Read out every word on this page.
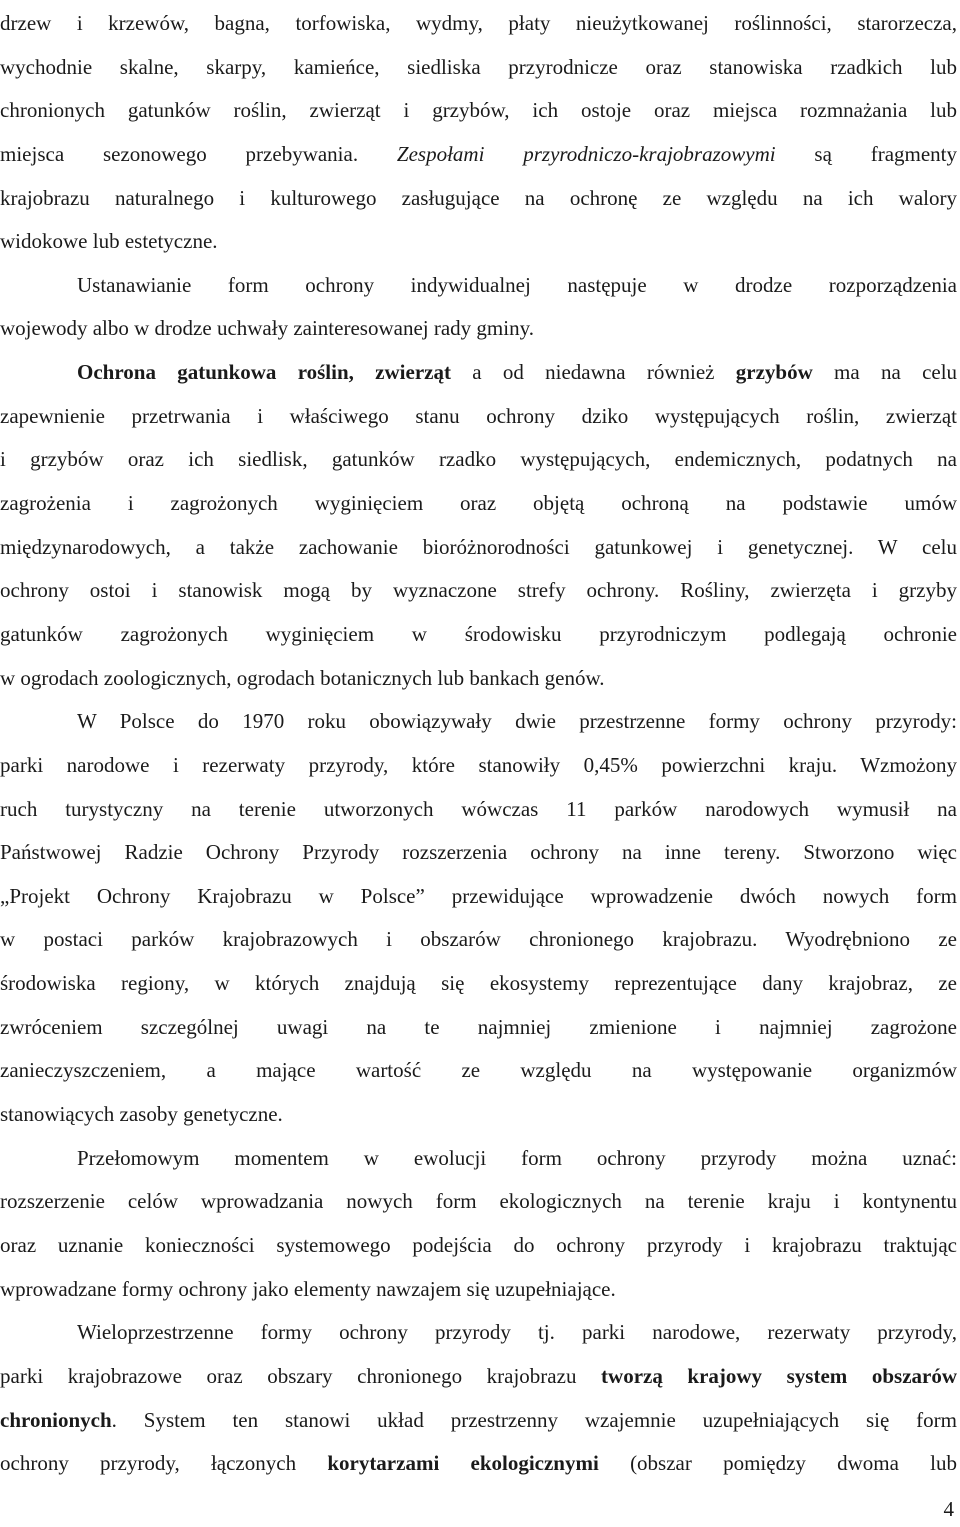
drzew i krzewów, bagna, torfowiska, wydmy, płaty nieużytkowanej roślinności, starorzecza,
wychodnie skalne, skarpy, kamieńce, siedliska przyrodnicze oraz stanowiska rzadkich lub
chronionych gatunków roślin, zwierząt i grzybów, ich ostoje oraz miejsca rozmnażania lub
miejsca sezonowego przebywania. Zespołami przyrodniczo-krajobrazowymi są fragmenty
krajobrazu naturalnego i kulturowego zasługujące na ochronę ze względu na ich walory
widokowe lub estetyczne.
Ustanawianie form ochrony indywidualnej następuje w drodze rozporządzenia
wojewody albo w drodze uchwały zainteresowanej rady gminy.
Ochrona gatunkowa roślin, zwierząt a od niedawna również grzybów ma na celu
zapewnienie przetrwania i właściwego stanu ochrony dziko występujących roślin, zwierząt
i grzybów oraz ich siedlisk, gatunków rzadko występujących, endemicznych, podatnych na
zagrożenia i zagrożonych wyginięciem oraz objętą ochroną na podstawie umów
międzynarodowych, a także zachowanie bioróżnorodności gatunkowej i genetycznej. W celu
ochrony ostoi i stanowisk mogą by wyznaczone strefy ochrony. Rośliny, zwierzęta i grzyby
gatunków zagrożonych wyginięciem w środowisku przyrodniczym podlegają ochronie
w ogrodach zoologicznych, ogrodach botanicznych lub bankach genów.
W Polsce do 1970 roku obowiązywały dwie przestrzenne formy ochrony przyrody:
parki narodowe i rezerwaty przyrody, które stanowiły 0,45% powierzchni kraju. Wzmożony
ruch turystyczny na terenie utworzonych wówczas 11 parków narodowych wymusił na
Państwowej Radzie Ochrony Przyrody rozszerzenia ochrony na inne tereny. Stworzono więc
„Projekt Ochrony Krajobrazu w Polsce” przewidujące wprowadzenie dwóch nowych form
w postaci parków krajobrazowych i obszarów chronionego krajobrazu. Wyodrębniono ze
środowiska regiony, w których znajdują się ekosystemy reprezentujące dany krajobraz, ze
zwróceniem szczególnej uwagi na te najmniej zmienione i najmniej zagrożone
zanieczyszczeniem, a mające wartość ze względu na występowanie organizmów
stanowiących zasoby genetyczne.
Przełomowym momentem w ewolucji form ochrony przyrody można uznać:
rozszerzenie celów wprowadzania nowych form ekologicznych na terenie kraju i kontynentu
oraz uznanie konieczności systemowego podejścia do ochrony przyrody i krajobrazu traktując
wprowadzane formy ochrony jako elementy nawzajem się uzupełniające.
Wieloprzestrzenne formy ochrony przyrody tj. parki narodowe, rezerwaty przyrody,
parki krajobrazowe oraz obszary chronionego krajobrazu tworzą krajowy system obszarów
chronionych. System ten stanowi układ przestrzenny wzajemnie uzupełniających się form
ochrony przyrody, łączonych korytarzami ekologicznymi (obszar pomiędzy dwoma lub
4
